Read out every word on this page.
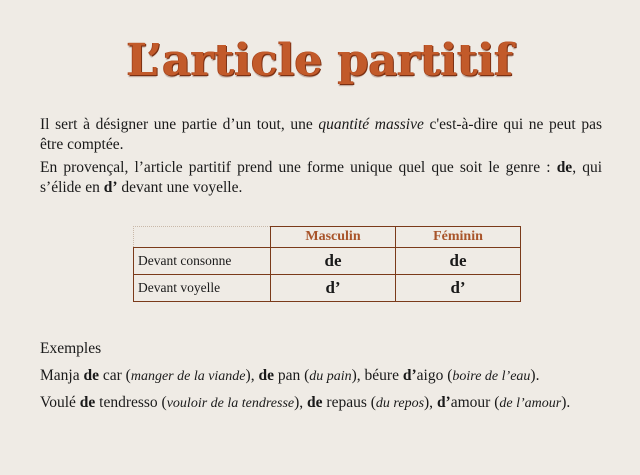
L’article partitif
Il sert à désigner une partie d’un tout, une quantité massive c'est-à-dire qui ne peut pas être comptée.
En provençal, l’article partitif prend une forme unique quel que soit le genre : de, qui s’élide en d’ devant une voyelle.
	Masculin	Féminin
Devant consonne	de	de
Devant voyelle	d’	d’
Exemples
Manja de car (manger de la viande), de pan (du pain), béure d’aigo (boire de l’eau).
Voulé de tendresso (vouloir de la tendresse), de repaus (du repos), d’amour (de l’amour).
